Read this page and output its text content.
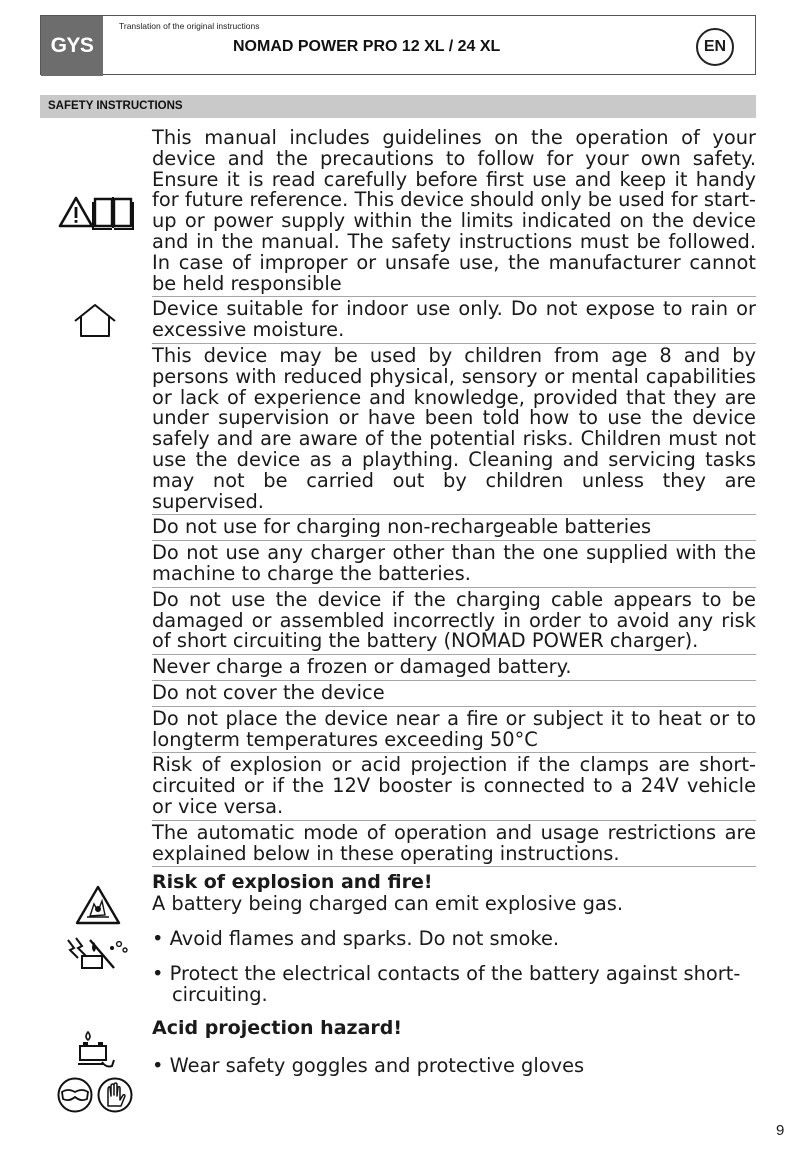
GYS
Translation of the original instructions
NOMAD POWER PRO 12 XL / 24 XL	EN
SAFETY INSTRUCTIONS
This manual includes guidelines on the operation of your device and the precautions to follow for your own safety. Ensure it is read carefully before first use and keep it handy for future reference. This device should only be used for start-up or power supply within the limits indicated on the device and in the manual. The safety instructions must be followed. In case of improper or unsafe use, the manufacturer cannot be held responsible
Device suitable for indoor use only. Do not expose to rain or excessive moisture.
This device may be used by children from age 8 and by persons with reduced physical, sensory or mental capabilities or lack of experience and knowledge, provided that they are under supervision or have been told how to use the device safely and are aware of the potential risks. Children must not use the device as a plaything. Cleaning and servicing tasks may not be carried out by children unless they are supervised.
Do not use for charging non-rechargeable batteries
Do not use any charger other than the one supplied with the machine to charge the batteries.
Do not use the device if the charging cable appears to be damaged or assembled incorrectly in order to avoid any risk of short circuiting the battery (NOMAD POWER charger).
Never charge a frozen or damaged battery.
Do not cover the device
Do not place the device near a fire or subject it to heat or to longterm temperatures exceeding 50°C
Risk of explosion or acid projection if the clamps are short-circuited or if the 12V booster is connected to a 24V vehicle or vice versa.
The automatic mode of operation and usage restrictions are explained below in these operating instructions.
Risk of explosion and fire!
A battery being charged can emit explosive gas.
• Avoid flames and sparks. Do not smoke.
• Protect the electrical contacts of the battery against short-circuiting.
Acid projection hazard!
• Wear safety goggles and protective gloves
9
